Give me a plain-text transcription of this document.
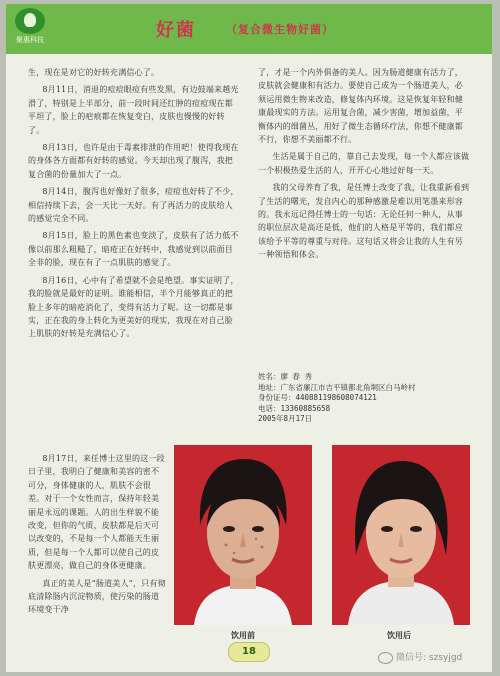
聚惠科技	好菌	（复合微生物好菌）

生，现在是对它的好转充满信心了。

8月11日，消退的痘痘眼痘有些发黑，有边鼓端来越光滑了，特别是上半部分，前一段时间还红肿的痘痘现在都平坦了，脸上的疤痕都在恢复变白，皮肤也慢慢的好转了。

8月13日，也许是由于毒素排泄的作用吧！使得我现在的身体各方面都有好转的感觉。今天却出现了腹泻，我把复合菌的份量加大了一点。

8月14日，腹泻也好像好了很多，痘痘也好转了不少，相信持续下去，会一天比一天好。有了再活力的皮肤给人的感觉完全不同。

8月15日，脸上的黑色素也变淡了，皮肤有了活力低不像以前那么粗糙了，暗疮正在好转中，我感觉到以前面目全非的脸，现在有了一点肌肤的感觉了。

8月16日，心中有了希望就不会是绝望。事实证明了，我的脸就是最好的证明。谁能相信，半个月能够真正的把脸上多年的暗疮消化了，变得有活力了呢。这一切都是事实，正在我的身上转化为更美好的现实，我现在对自己脸上肌肤的好转是充满信心了。

8月17日，来任博士这里的这一段日子里，我明白了健康和美容的密不可分，身体健康的人，肌肤不会很差。对于一个女性而言，保持年轻美丽是永远的课题。人的出生样貌不能改变，但你的气质，皮肤都是后天可以改变的，不是每一个人都能天生丽质，但是每一个人都可以使自己的皮肤更漂亮，做自己的身体更健康。

真正的美人是“肠道美人”，只有彻底清除肠内沉淀物质，使污染的肠道环境变干净

了，才是一个内外俱备的美人。因为肠道健康有活力了，皮肤就会健康和有活力。要使自己成为一个肠道美人，必须运用微生物来改造，修复体内环境。这是恢复年轻和健康最现实的方法。运用复合菌，减少害菌，增加益菌，平衡体内的细菌丛，用好了微生态循环疗法，你想不健康都不行，你想不美丽都不行。

生活是属于自己的，靠自己去发现，每一个人都应该做一个积极热爱生活的人，开开心心地过好每一天。

我的父母养育了我，是任博士改变了我，让我重新看到了生活的曙光，发自内心的那种感激是难以用笔墨来形容的。我永远记得任博士的一句话：无论任何一种人，从事的职位层次是高还是低，他们的人格是平等的，我们都应该给予平等的尊重与对待。这句话又将会让我的人生有另一种领悟和体会。

姓名：廖 春 秀
地址：广东省廉江市吉平镇都北角垌区白马岭村
身份证号：440881198608074121
电话：13360885658
2005年8月17日
饮用前	饮用后
18
微信号: szsyjgd
